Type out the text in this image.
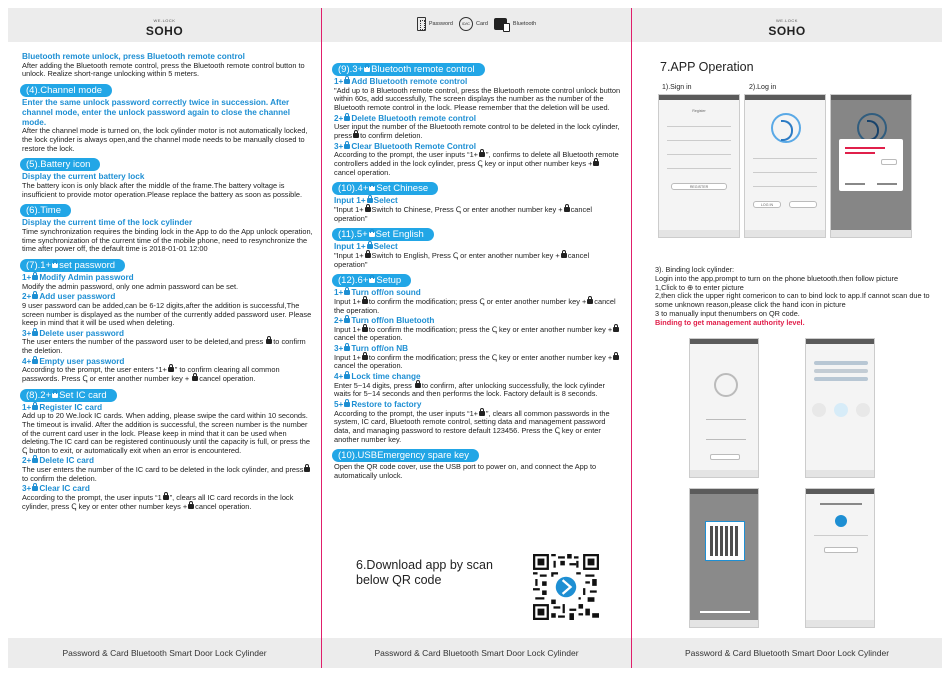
WE.LOCK
SOHO
Bluetooth remote unlock, press Bluetooth remote control
After adding the Bluetooth remote control, press the Bluetooth remote control button to unlock. Realize short-range unlocking within 5 meters.
(4).Channel mode
Enter the same unlock password correctly twice in succession. After channel mode, enter the unlock password again to close the channel mode.
After the channel mode is turned on, the lock cylinder motor is not automatically locked, the lock cylinder is always open,and the channel mode needs to be manually closed to restore the lock.
(5).Battery icon
Display the current battery lock
The battery icon is only black after the middle of the frame.The battery voltage is insufficient to provide motor operation.Please replace the battery as soon as possible.
(6).Time
Display the current time of the lock cylinder
Time synchronization requires the binding lock in the App to do the App unlock operation, time synchronization of the current time of the mobile phone, need to resynchronize the time after power off, the default time is 2018-01-01 12:00
(7).1+ set password
1+ Modify Admin password
Modify the admin password, only one admin password can be set.
2+ Add user password
9 user password can be added,can be 6-12 digits,after the addition is successful,The screen number is displayed as the number of the currently added password user. Please keep in mind that it will be used when deleting.
3+ Delete user password
The user enters the number of the password user to be deleted,and press to confirm the deletion.
4+ Empty user password
According to the prompt, the user enters “1+ ” to confirm clearing all common passwords. Press ↅ or enter another number key + cancel operation.
(8).2+ Set IC card
1+ Register IC card
Add up to 20 We.lock IC cards. When adding, please swipe the card within 10 seconds. The timeout is invalid. After the addition is successful, the screen number is the number of the current card user in the lock. Please keep in mind that it can be used when deleting.The IC card can be registered continuously until the capacity is full, or press the ↅ button to exit, or automatically exit when an error is encountered.
2+ Delete IC card
The user enters the number of the IC card to be deleted in the lock cylinder, and pressto confirm the deletion.
3+ Clear IC card
According to the prompt, the user inputs “1 ”, clears all IC card records in the lock cylinder, press ↅ key or enter other number keys + cancel operation.
Password & Card Bluetooth Smart Door Lock Cylinder
Password	ID/IC	Card	Bluetooth
(9).3+ Bluetooth remote control
1+ Add Bluetooth remote control
"Add up to 8 Bluetooth remote control, press the Bluetooth remote control unlock button within 60s, add successfully, The screen displays the number as the number of the Bluetooth remote control in the lock. Please remember that the deletion will be used.
2+ Delete Bluetooth remote control
User input the number of the Bluetooth remote control to be deleted in the lock cylinder, press to confirm deletion.
3+ Clear Bluetooth Remote Control
According to the prompt, the user inputs “1+ ”, confirms to delete all Bluetooth remote controllers added in the lock cylinder, press ↅ key or input other number keys +cancel operation.
(10).4+ Set Chinese
Input 1+ Select
"Input 1+ Switch to Chinese, Press ↅ or enter another number key + cancel operation"
(11).5+ Set English
Input 1+ Select
"Input 1+ Switch to English, Press ↅ or enter another number key + cancel operation"
(12).6+ Setup
1+ Turn off/on sound
Input 1+ to confirm the modification; press ↅ or enter another number key + cancel the operation.
2+ Turn off/on Bluetooth
Input 1+ to confirm the modification; press the ↅ key or enter another number key +cancel the operation.
3+ Turn off/on NB
Input 1+ to confirm the modification; press the ↅ key or enter another number key +cancel the operation.
4+ Lock time change
Enter 5~14 digits, press to confirm, after unlocking successfully, the lock cylinder waits for 5~14 seconds and then performs the lock. Factory default is 8 seconds.
5+ Restore to factory
According to the prompt, the user inputs “1+ ”, clears all common passwords in the system, IC card, Bluetooth remote control, setting data and management password data, and managing password to restore default 123456. Press the ↅ key or enter another number key.
(10).USBEmergency spare key
Open the QR code cover, use the USB port to power on, and connect the App to automatically unlock.
6.Download app by scan below QR code
Password & Card Bluetooth Smart Door Lock Cylinder
WE.LOCK
SOHO
7.APP Operation
1).Sign in	2).Log in
Register
REGISTER
LOG IN
3). Binding lock cylinder:
Login into the app,prompt to turn on the phone bluetooth.then follow picture
1,Click to ⊕ to enter picture
2,then click the upper right cornericon to can to bind lock to app.If cannot scan due to some unknown reason,please click the hand icon in picture
3 to manually input thenumbers on QR code.
Binding to get management authority level.
Password & Card Bluetooth Smart Door Lock Cylinder
